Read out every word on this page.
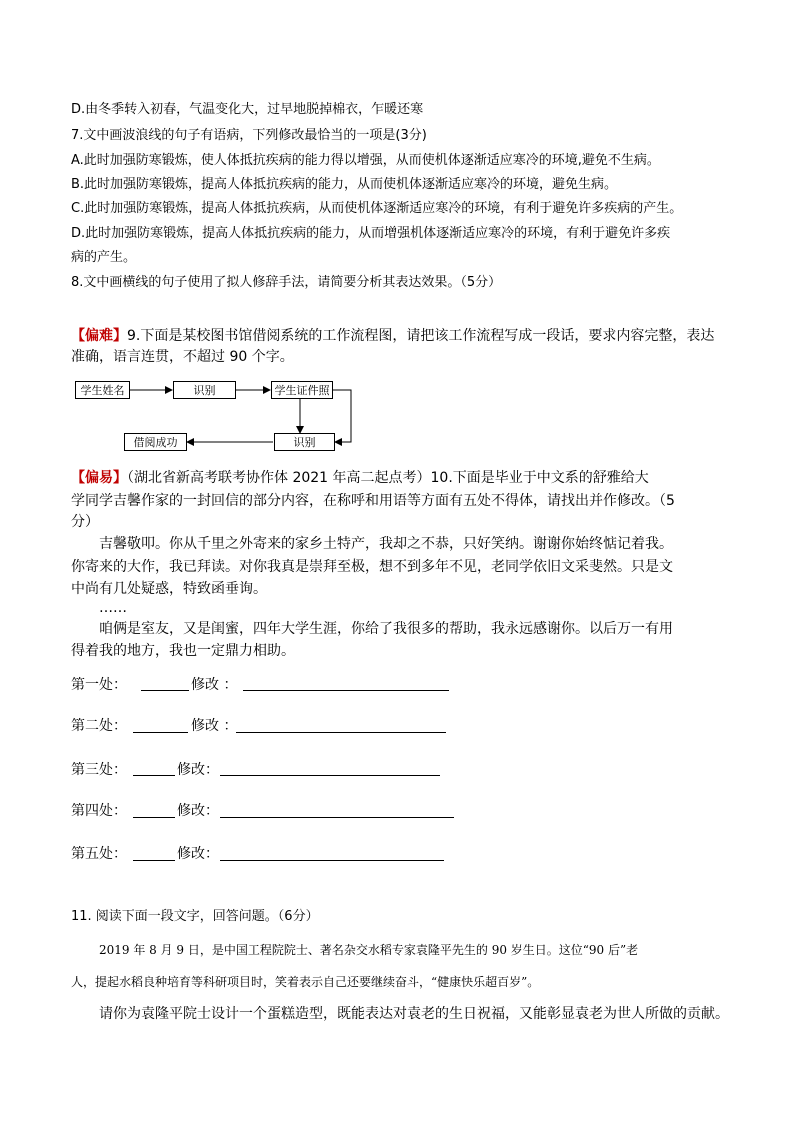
D.由冬季转入初春，气温变化大，过早地脱掉棉衣，乍暖还寒
7.文中画波浪线的句子有语病，下列修改最恰当的一项是(3分)
A.此时加强防寒锻炼，使人体抵抗疾病的能力得以增强，从而使机体逐渐适应寒冷的环境,避免不生病。
B.此时加强防寒锻炼，提高人体抵抗疾病的能力，从而使机体逐渐适应寒冷的环境，避免生病。
C.此时加强防寒锻炼，提高人体抵抗疾病，从而使机体逐渐适应寒冷的环境，有利于避免许多疾病的产生。
D.此时加强防寒锻炼，提高人体抵抗疾病的能力，从而增强机体逐渐适应寒冷的环境，有利于避免许多疾
病的产生。
8.文中画横线的句子使用了拟人修辞手法，请简要分析其表达效果。（5分）
【偏难】9.下面是某校图书馆借阅系统的工作流程图，请把该工作流程写成一段话，要求内容完整，表达
准确，语言连贯，不超过 90 个字。
学生姓名	识别	学生证件照
借阅成功	识别
【偏易】（湖北省新高考联考协作体 2021 年高二起点考）10.下面是毕业于中文系的舒雅给大
学同学吉馨作家的一封回信的部分内容，在称呼和用语等方面有五处不得体，请找出并作修改。（5
分）
吉馨敬叩。你从千里之外寄来的家乡土特产，我却之不恭，只好笑纳。谢谢你始终惦记着我。
你寄来的大作，我已拜读。对你我真是崇拜至极，想不到多年不见，老同学依旧文采斐然。只是文
中尚有几处疑惑，特致函垂询。
……
咱俩是室友，又是闺蜜，四年大学生涯，你给了我很多的帮助，我永远感谢你。以后万一有用
得着我的地方，我也一定鼎力相助。
第一处：	修改 ：
第二处：	修改 ：
第三处：	修改：
第四处：	修改：
第五处：	修改：
11. 阅读下面一段文字，回答问题。（6分）
2019 年 8 月 9 日，是中国工程院院士、著名杂交水稻专家袁隆平先生的 90 岁生日。这位“90 后”老
人，提起水稻良种培育等科研项目时，笑着表示自己还要继续奋斗，“健康快乐超百岁”。
请你为袁隆平院士设计一个蛋糕造型，既能表达对袁老的生日祝福，又能彰显袁老为世人所做的贡献。
